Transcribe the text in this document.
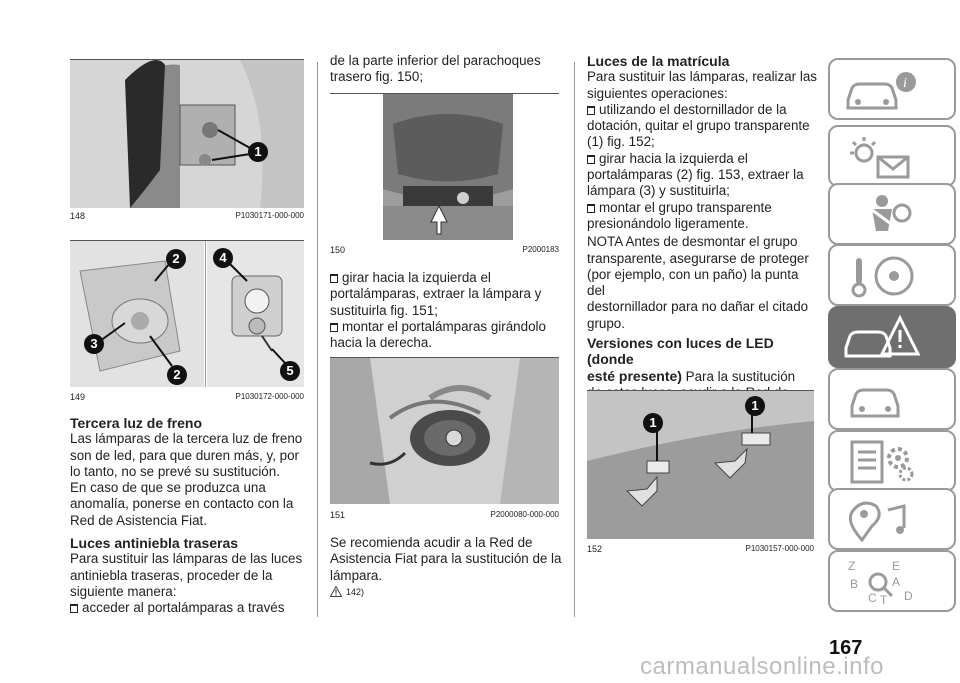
1
148	P1030171-000-000
2
3
2
4
5
149	P1030172-000-000

Tercera luz de freno

Las lámparas de la tercera luz de freno

son de led, para que duren más, y, por

lo tanto, no se prevé su sustitución.

En caso de que se produzca una

anomalía, ponerse en contacto con la

Red de Asistencia Fiat.

Luces antiniebla traseras

Para sustituir las lámparas de las luces

antiniebla traseras, proceder de la

siguiente manera:

acceder al portalámparas a través

de la parte inferior del parachoques

trasero fig. 150;

150	P2000183

girar hacia la izquierda el

portalámparas, extraer la lámpara y

sustituirla fig. 151;

montar el portalámparas girándolo

hacia la derecha.

151	P2000080-000-000

Se recomienda acudir a la Red de

Asistencia Fiat para la sustitución de la

lámpara.

142)

Luces de la matrícula

Para sustituir las lámparas, realizar las

siguientes operaciones:

utilizando el destornillador de la

dotación, quitar el grupo transparente

(1) fig. 152;

girar hacia la izquierda el

portalámparas (2) fig. 153, extraer la

lámpara (3) y sustituirla;

montar el grupo transparente

presionándolo ligeramente.

NOTA Antes de desmontar el grupo

transparente, asegurarse de proteger

(por ejemplo, con un paño) la punta del

destornillador para no dañar el citado

grupo.

Versiones con luces de LED (donde

esté presente) Para la sustitución

1
1
152	P1030157-000-000
i
Z	E
B	A
C T D
167
carmanualsonline.info
